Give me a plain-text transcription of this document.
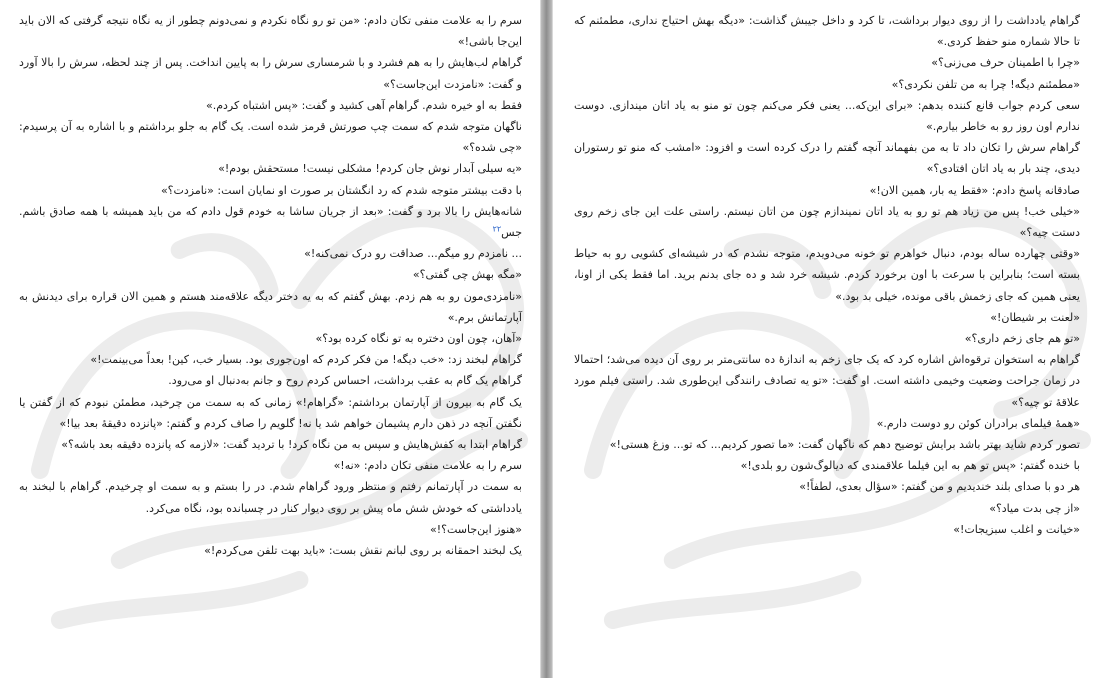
سرم را به علامت منفی تکان دادم: «من تو رو نگاه نکردم و نمی‌دونم چطور از یه نگاه نتیجه گرفتی که الان باید این‌جا باشی!»

گراهام لب‌هایش را به هم فشرد و با شرمساری سرش را به پایین انداخت. پس از چند لحظه، سرش را بالا آورد و گفت: «نامزدت این‌جاست؟»

فقط به او خیره شدم. گراهام آهی کشید و گفت: «پس اشتباه کردم.»

ناگهان متوجه شدم که سمت چپ صورتش قرمز شده است. یک گام به جلو برداشتم و با اشاره به آن پرسیدم: «چی شده؟»

«یه سیلی آبدار نوش جان کردم! مشکلی نیست! مستحقش بودم!»

با دقت بیشتر متوجه شدم که رد انگشتان بر صورت او نمایان است: «نامزدت؟»

شانه‌هایش را بالا برد و گفت: «بعد از جریان ساشا به خودم قول دادم که من باید همیشه با همه صادق باشم. جس$^{۲۲}$

... نامزدم رو میگم... صداقت رو درک نمی‌کنه!»

«مگه بهش چی گفتی؟»

«نامزدی‌مون رو به هم زدم. بهش گفتم که به یه دختر دیگه علاقه‌مند هستم و همین الان قراره برای دیدنش به آپارتمانش برم.»

«آهان، چون اون دختره به تو نگاه کرده بود؟»

گراهام لبخند زد: «خب دیگه! من فکر کردم که اون‌جوری بود. بسیار خب، کین! بعداً می‌بینمت!»

گراهام یک گام به عقب برداشت، احساس کردم روح و جانم به‌دنبال او می‌رود.

یک گام به بیرون از آپارتمان برداشتم: «گراهام!» زمانی که به سمت من چرخید، مطمئن نبودم که از گفتن یا نگفتن آنچه در ذهن دارم پشیمان خواهم شد یا نه! گلویم را صاف کردم و گفتم: «پانزده دقیقهٔ بعد بیا!»

گراهام ابتدا به کفش‌هایش و سپس به من نگاه کرد! با تردید گفت: «لازمه که پانزده دقیقه بعد باشه؟»

سرم را به علامت منفی تکان دادم: «نه!»

به سمت در آپارتمانم رفتم و منتظر ورود گراهام شدم. در را بستم و به سمت او چرخیدم. گراهام با لبخند به یادداشتی که خودش شش ماه پیش بر روی دیوار کنار در چسبانده بود، نگاه می‌کرد.

«هنوز این‌جاست؟!»

یک لبخند احمقانه بر روی لبانم نقش بست: «باید بهت تلفن می‌کردم!»

گراهام یادداشت را از روی دیوار برداشت، تا کرد و داخل جیبش گذاشت: «دیگه بهش احتیاج نداری، مطمئنم که تا حالا شماره منو حفظ کردی.»

«چرا با اطمینان حرف می‌زنی؟»

«مطمئنم دیگه! چرا به من تلفن نکردی؟»

سعی کردم جواب قانع کننده بدهم: «برای این‌که... یعنی فکر می‌کنم چون تو منو به یاد اتان میندازی. دوست ندارم اون روز رو به خاطر بیارم.»

گراهام سرش را تکان داد تا به من بفهماند آنچه گفتم را درک کرده است و افزود: «امشب که منو تو رستوران دیدی، چند بار به یاد اتان افتادی؟»

صادقانه پاسخ دادم: «فقط یه بار، همین الان!»

«خیلی خب! پس من زیاد هم تو رو به یاد اتان نمیندازم چون من اتان نیستم. راستی علت این جای زخم روی دستت چیه؟»

«وقتی چهارده ساله بودم، دنبال خواهرم تو خونه می‌دویدم، متوجه نشدم که در شیشه‌ای کشویی رو به حیاط بسته است؛ بنابراین با سرعت با اون برخورد کردم. شیشه خرد شد و ده جای بدنم برید. اما فقط یکی از اونا، یعنی همین که جای زخمش باقی مونده، خیلی بد بود.»

«لعنت بر شیطان!»

«تو هم جای زخم داری؟»

گراهام به استخوان ترقوه‌اش اشاره کرد که یک جای زخم به اندازهٔ ده سانتی‌متر بر روی آن دیده می‌شد؛ احتمالا در زمان جراحت وضعیت وخیمی داشته است. او گفت: «تو یه تصادف رانندگی این‌طوری شد. راستی فیلم مورد علاقهٔ تو چیه؟»

«همهٔ فیلمای برادران کوئن رو دوست دارم.»

تصور کردم شاید بهتر باشد برایش توضیح دهم که ناگهان گفت: «ما تصور کردیم... که تو... وزغ هستی!»

با خنده گفتم: «پس تو هم به این فیلما علاقمندی که دیالوگ‌شون رو بلدی!»

هر دو با صدای بلند خندیدیم و من گفتم: «سؤال بعدی، لطفاً!»

«از چی بدت میاد؟»

«خیانت و اغلب سبزیجات!»
